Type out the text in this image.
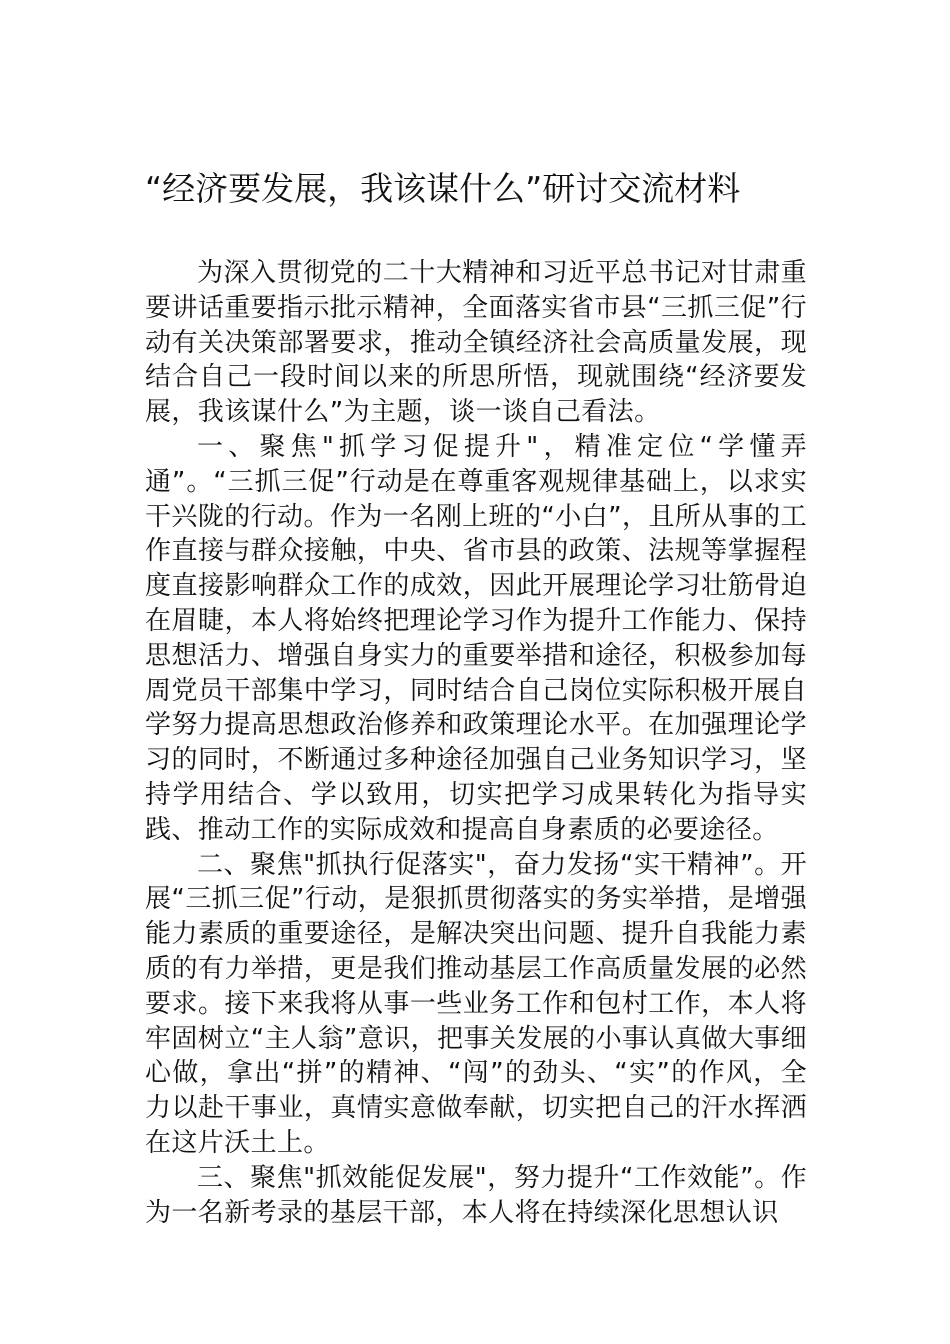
“经济要发展，我该谋什么”研讨交流材料

为深入贯彻党的二十大精神和习近平总书记对甘肃重要讲话重要指示批示精神，全面落实省市县“三抓三促”行动有关决策部署要求，推动全镇经济社会高质量发展，现结合自己一段时间以来的所思所悟，现就围绕“经济要发展，我该谋什么”为主题，谈一谈自己看法。

一、聚焦"抓学习促提升"，精准定位“学懂弄通”。“三抓三促”行动是在尊重客观规律基础上，以求实干兴陇的行动。作为一名刚上班的“小白”，且所从事的工作直接与群众接触，中央、省市县的政策、法规等掌握程度直接影响群众工作的成效，因此开展理论学习壮筋骨迫在眉睫，本人将始终把理论学习作为提升工作能力、保持思想活力、增强自身实力的重要举措和途径，积极参加每周党员干部集中学习，同时结合自己岗位实际积极开展自学努力提高思想政治修养和政策理论水平。在加强理论学习的同时，不断通过多种途径加强自己业务知识学习，坚持学用结合、学以致用，切实把学习成果转化为指导实践、推动工作的实际成效和提高自身素质的必要途径。

二、聚焦"抓执行促落实"，奋力发扬“实干精神”。开展“三抓三促”行动，是狠抓贯彻落实的务实举措，是增强能力素质的重要途径，是解决突出问题、提升自我能力素质的有力举措，更是我们推动基层工作高质量发展的必然要求。接下来我将从事一些业务工作和包村工作，本人将牢固树立“主人翁”意识，把事关发展的小事认真做大事细心做，拿出“拼”的精神、“闯”的劲头、“实”的作风，全力以赴干事业，真情实意做奉献，切实把自己的汗水挥洒在这片沃土上。

三、聚焦"抓效能促发展"，努力提升“工作效能”。作为一名新考录的基层干部，本人将在持续深化思想认识
